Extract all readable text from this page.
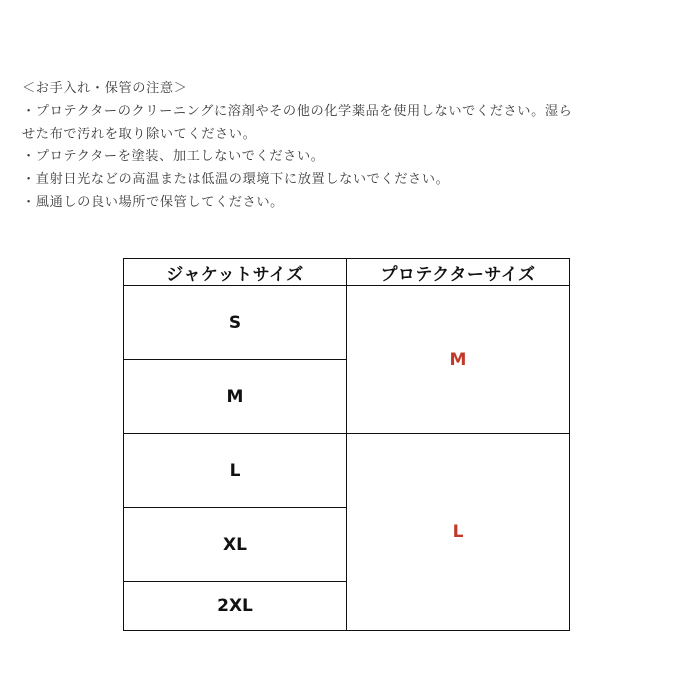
＜お手入れ・保管の注意＞
・プロテクターのクリーニングに溶剤やその他の化学薬品を使用しないでください。湿ら
せた布で汚れを取り除いてください。
・プロテクターを塗装、加工しないでください。
・直射日光などの高温または低温の環境下に放置しないでください。
・風通しの良い場所で保管してください。
ジャケットサイズ	プロテクターサイズ
S	M
M	
L	L
XL	
2XL	
